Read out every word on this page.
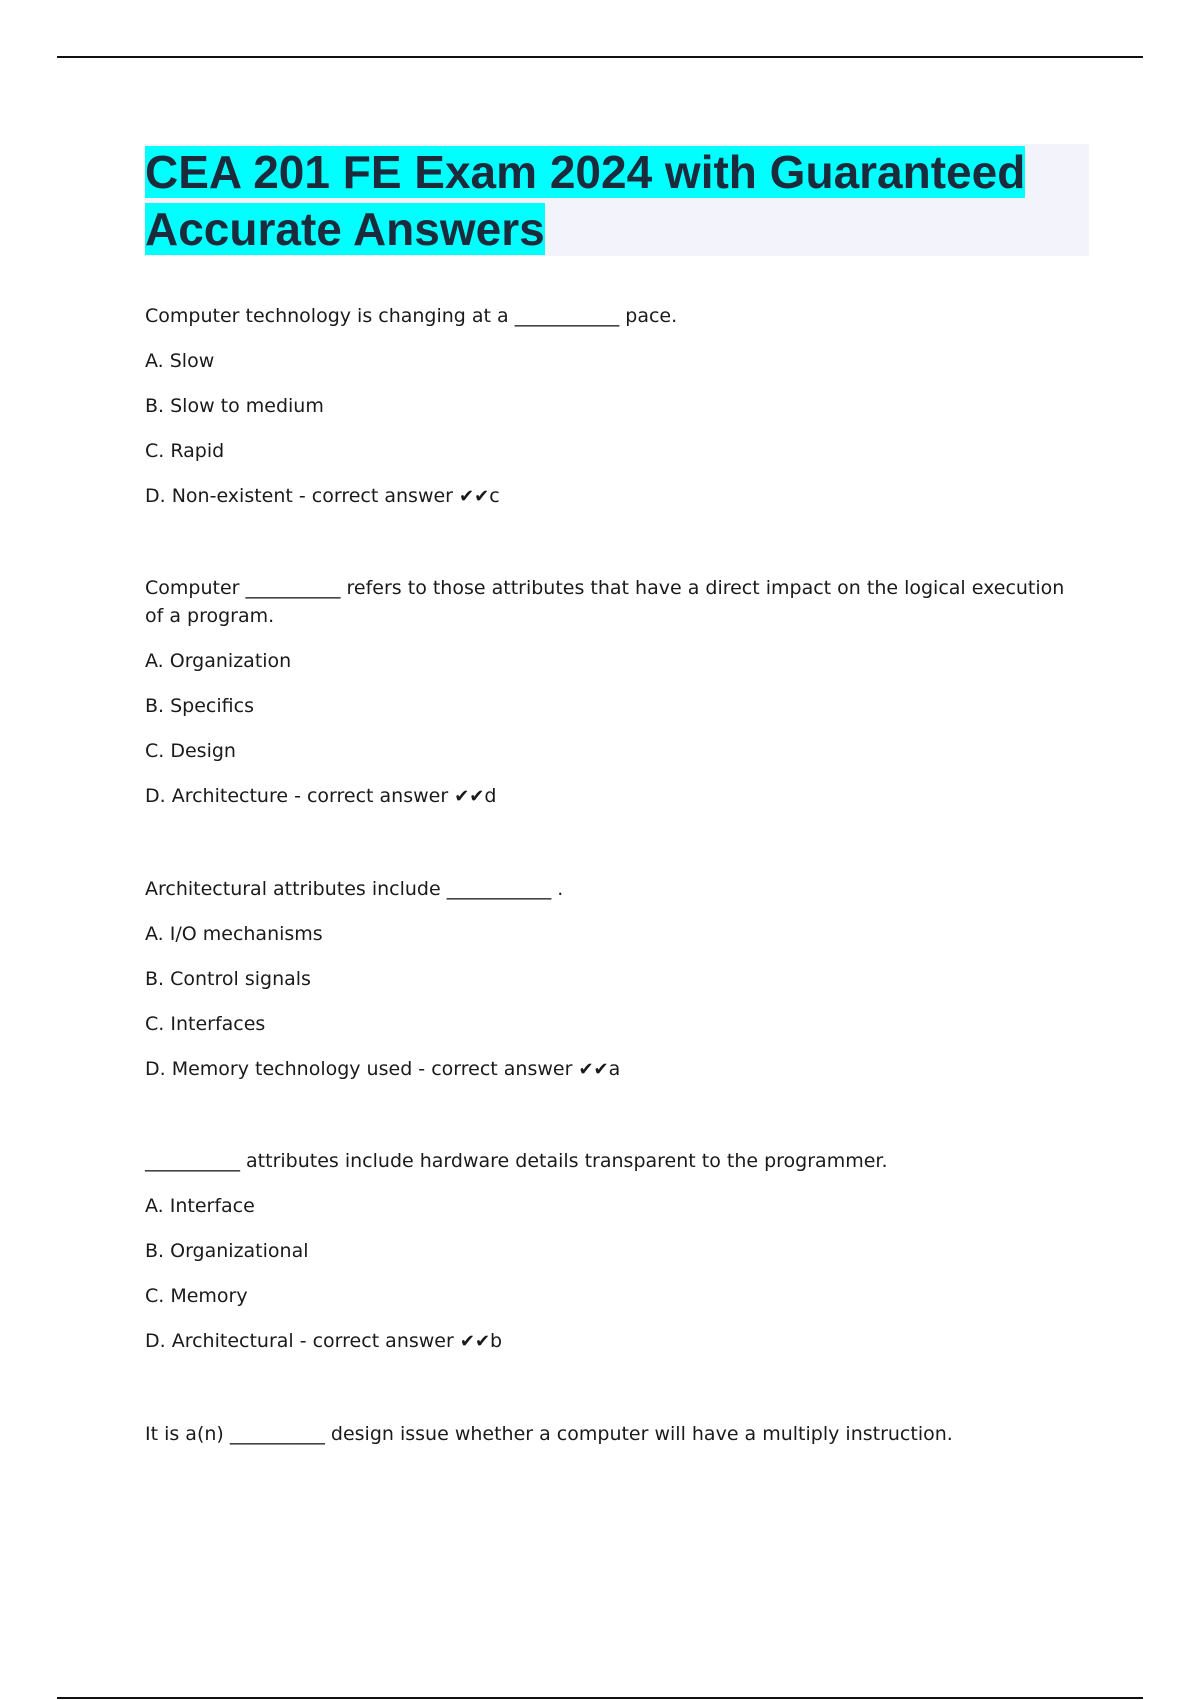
CEA 201 FE Exam 2024 with Guaranteed
Accurate Answers

Computer technology is changing at a ___________ pace.

A. Slow

B. Slow to medium

C. Rapid

D. Non-existent - correct answer ✔✔c

Computer __________ refers to those attributes that have a direct impact on the logical execution of a program.

A. Organization

B. Specifics

C. Design

D. Architecture - correct answer ✔✔d

Architectural attributes include ___________ .

A. I/O mechanisms

B. Control signals

C. Interfaces

D. Memory technology used - correct answer ✔✔a

__________ attributes include hardware details transparent to the programmer.

A. Interface

B. Organizational

C. Memory

D. Architectural - correct answer ✔✔b

It is a(n) __________ design issue whether a computer will have a multiply instruction.
